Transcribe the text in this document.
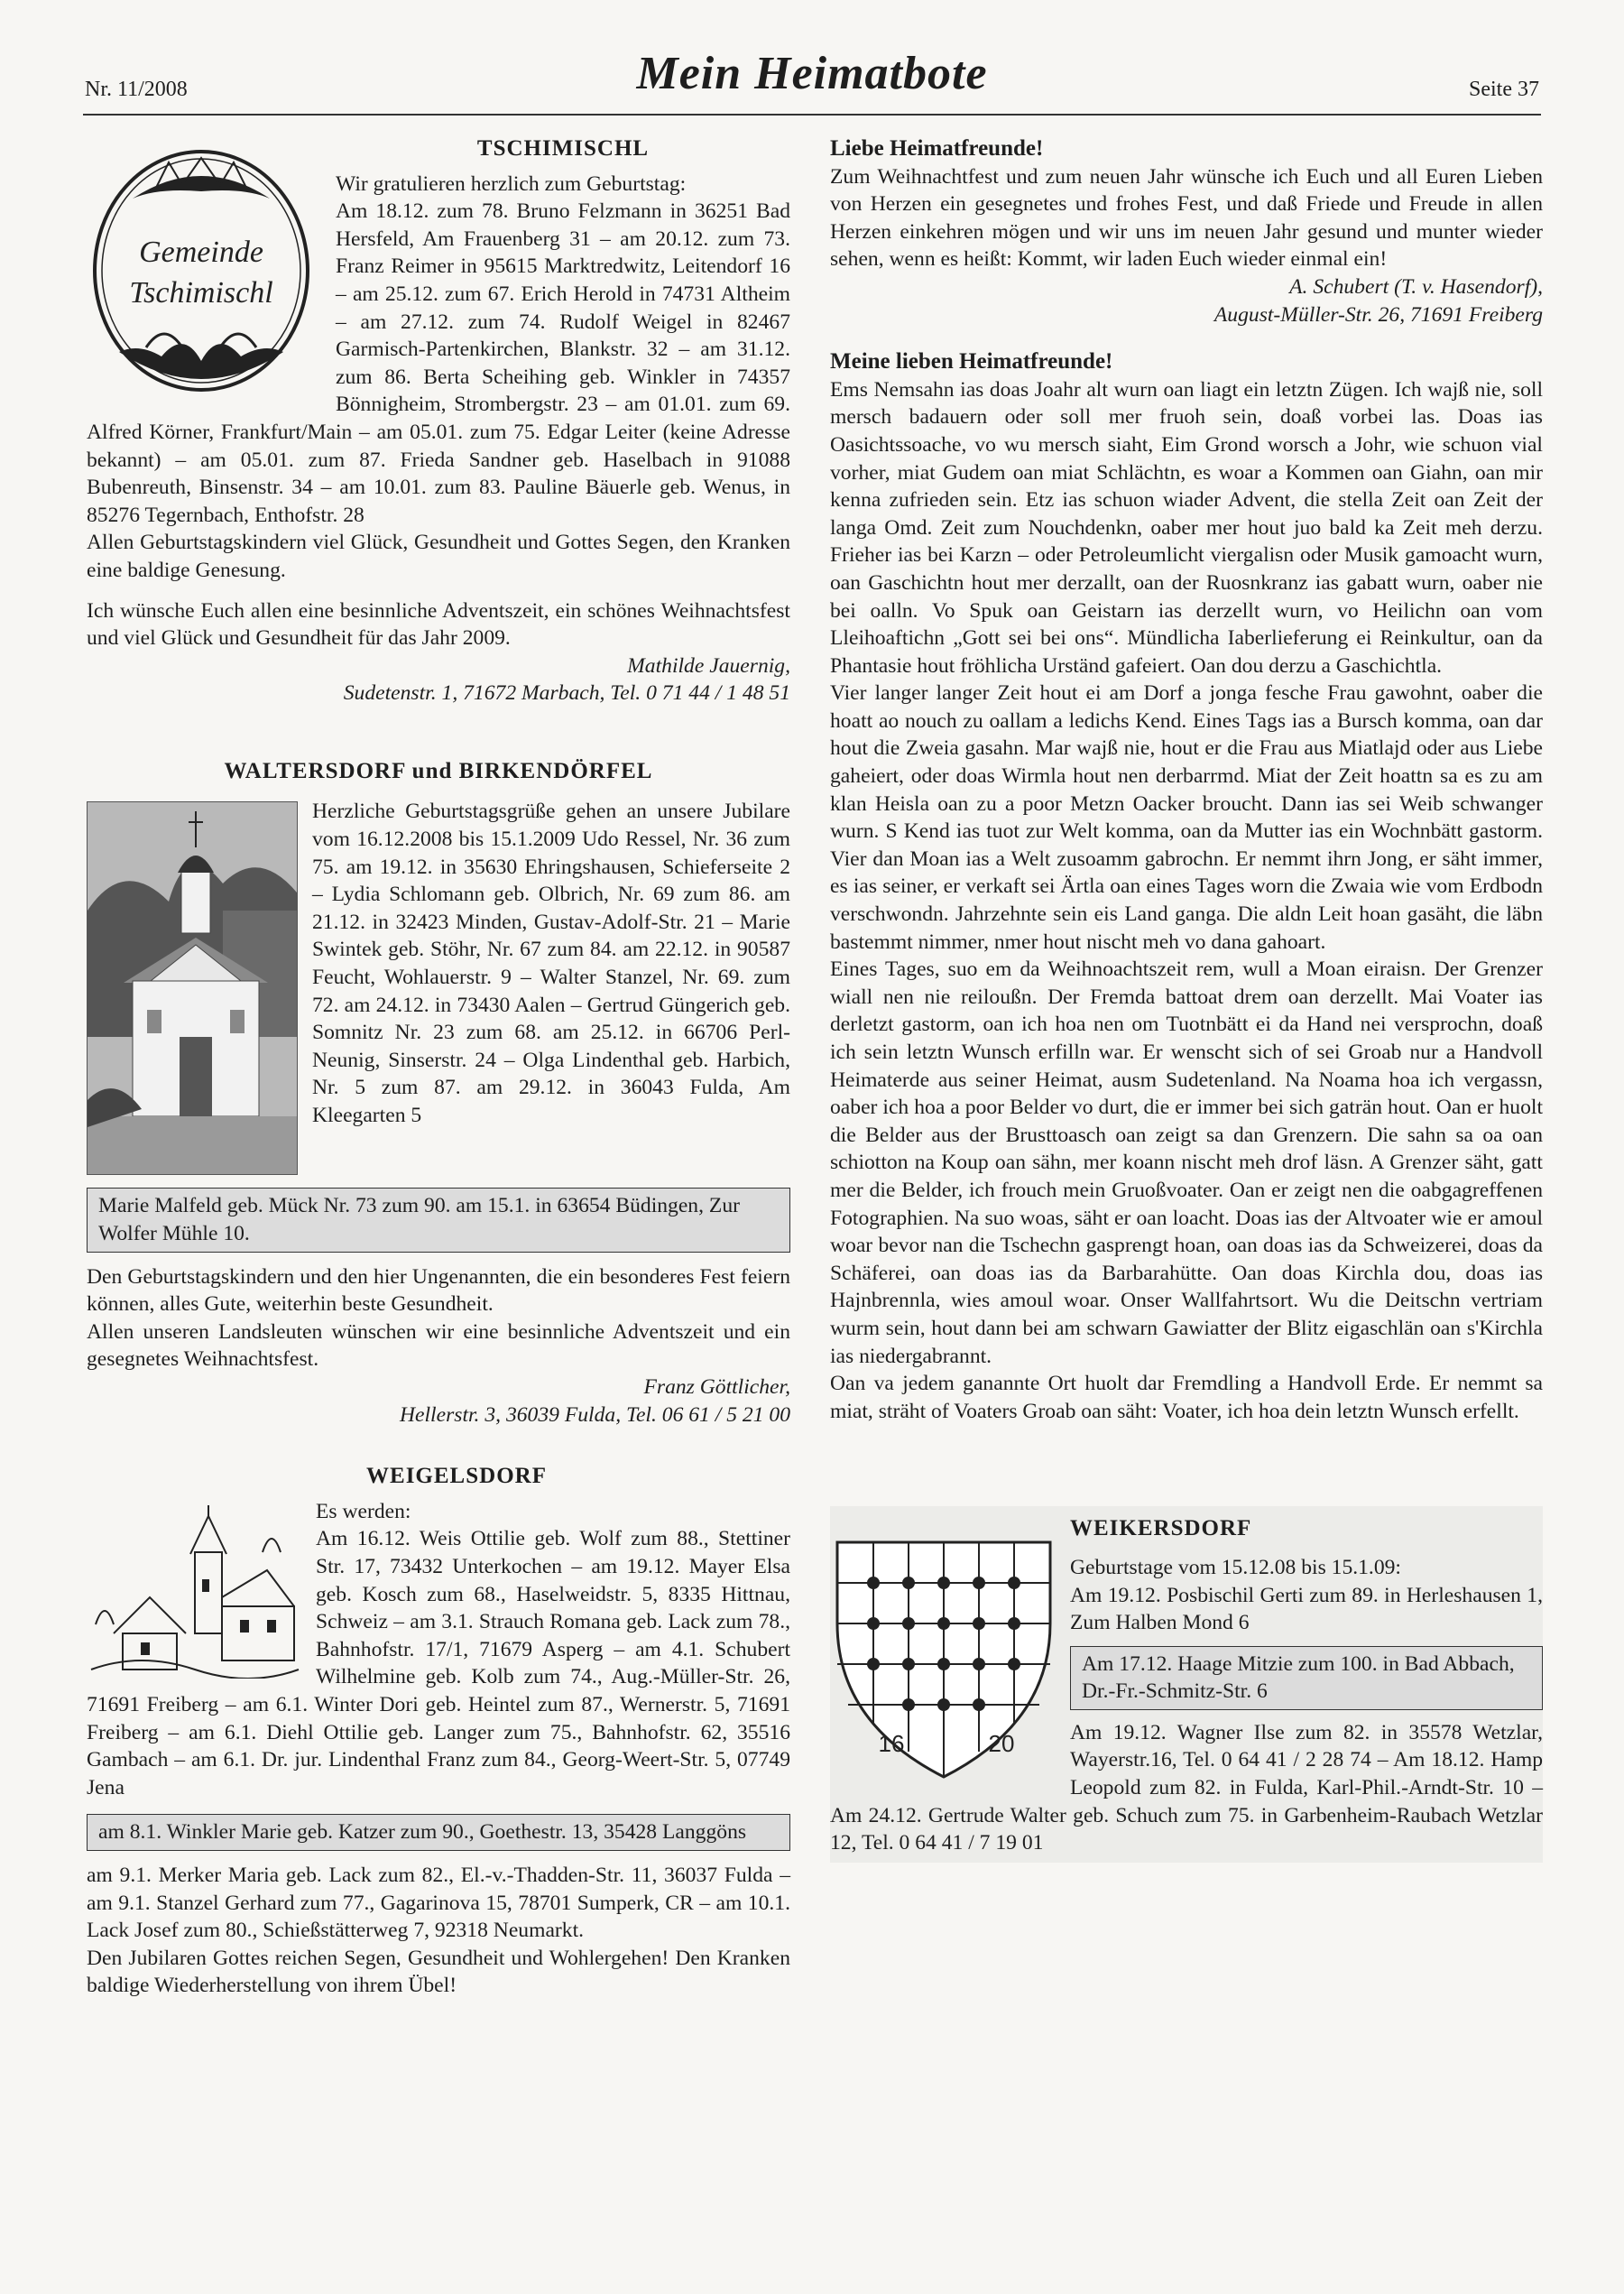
Nr. 11/2008	Mein Heimatbote	Seite 37
Gemeinde
Tschimischl

TSCHIMISCHL

Wir gratulieren herzlich zum Geburtstag:

Am 18.12. zum 78. Bruno Felzmann in 36251 Bad Hersfeld, Am Frauenberg 31 – am 20.12. zum 73. Franz Reimer in 95615 Marktredwitz, Leitendorf 16 – am 25.12. zum 67. Erich Herold in 74731 Altheim – am 27.12. zum 74. Rudolf Weigel in 82467 Garmisch-Partenkirchen, Blankstr. 32 – am 31.12. zum 86. Berta Scheihing geb. Winkler in 74357 Bönnigheim, Strombergstr. 23 – am 01.01. zum 69. Alfred Körner, Frankfurt/Main – am 05.01. zum 75. Edgar Leiter (keine Adresse bekannt) – am 05.01. zum 87. Frieda Sandner geb. Haselbach in 91088 Bubenreuth, Binsenstr. 34 – am 10.01. zum 83. Pauline Bäuerle geb. Wenus, in 85276 Tegernbach, Enthofstr. 28

Allen Geburtstagskindern viel Glück, Gesundheit und Gottes Segen, den Kranken eine baldige Genesung.

Ich wünsche Euch allen eine besinnliche Adventszeit, ein schönes Weihnachtsfest und viel Glück und Gesundheit für das Jahr 2009.

Mathilde Jauernig,

Sudetenstr. 1, 71672 Marbach, Tel. 0 71 44 / 1 48 51

WALTERSDORF und BIRKENDÖRFEL

Herzliche Geburtstagsgrüße gehen an unsere Jubilare vom 16.12.2008 bis 15.1.2009 Udo Ressel, Nr. 36 zum 75. am 19.12. in 35630 Ehringshausen, Schieferseite 2 – Lydia Schlomann geb. Olbrich, Nr. 69 zum 86. am 21.12. in 32423 Minden, Gustav-Adolf-Str. 21 – Marie Swintek geb. Stöhr, Nr. 67 zum 84. am 22.12. in 90587 Feucht, Wohlauerstr. 9 – Walter Stanzel, Nr. 69. zum 72. am 24.12. in 73430 Aalen – Gertrud Güngerich geb. Somnitz Nr. 23 zum 68. am 25.12. in 66706 Perl-Neunig, Sinserstr. 24 – Olga Lindenthal geb. Harbich, Nr. 5 zum 87. am 29.12. in 36043 Fulda, Am Kleegarten 5

Marie Malfeld geb. Mück Nr. 73 zum 90. am 15.1. in 63654 Büdingen, Zur Wolfer Mühle 10.

Den Geburtstagskindern und den hier Ungenannten, die ein besonderes Fest feiern können, alles Gute, weiterhin beste Gesundheit.

Allen unseren Landsleuten wünschen wir eine besinnliche Adventszeit und ein gesegnetes Weihnachtsfest.

Franz Göttlicher,

Hellerstr. 3, 36039 Fulda, Tel. 06 61 / 5 21 00

WEIGELSDORF

Es werden:

Am 16.12. Weis Ottilie geb. Wolf zum 88., Stettiner Str. 17, 73432 Unterkochen – am 19.12. Mayer Elsa geb. Kosch zum 68., Haselweidstr. 5, 8335 Hittnau, Schweiz – am 3.1. Strauch Romana geb. Lack zum 78., Bahnhofstr. 17/1, 71679 Asperg – am 4.1. Schubert Wilhelmine geb. Kolb zum 74., Aug.-Müller-Str. 26, 71691 Freiberg – am 6.1. Winter Dori geb. Heintel zum 87., Wernerstr. 5, 71691 Freiberg – am 6.1. Diehl Ottilie geb. Langer zum 75., Bahnhofstr. 62, 35516 Gambach – am 6.1. Dr. jur. Lindenthal Franz zum 84., Georg-Weert-Str. 5, 07749 Jena

am 8.1. Winkler Marie geb. Katzer zum 90., Goethestr. 13, 35428 Langgöns

am 9.1. Merker Maria geb. Lack zum 82., El.-v.-Thadden-Str. 11, 36037 Fulda – am 9.1. Stanzel Gerhard zum 77., Gagarinova 15, 78701 Sumperk, CR – am 10.1. Lack Josef zum 80., Schießstätterweg 7, 92318 Neumarkt.

Den Jubilaren Gottes reichen Segen, Gesundheit und Wohlergehen! Den Kranken baldige Wiederherstellung von ihrem Übel!

Liebe Heimatfreunde!

Zum Weihnachtfest und zum neuen Jahr wünsche ich Euch und all Euren Lieben von Herzen ein gesegnetes und frohes Fest, und daß Friede und Freude in allen Herzen einkehren mögen und wir uns im neuen Jahr gesund und munter wieder sehen, wenn es heißt: Kommt, wir laden Euch wieder einmal ein!

A. Schubert (T. v. Hasendorf),

August-Müller-Str. 26, 71691 Freiberg

Meine lieben Heimatfreunde!

Ems Nemsahn ias doas Joahr alt wurn oan liagt ein letztn Zügen. Ich wajß nie, soll mersch badauern oder soll mer fruoh sein, doaß vorbei las. Doas ias Oasichtssoache, vo wu mersch siaht, Eim Grond worsch a Johr, wie schuon vial vorher, miat Gudem oan miat Schlächtn, es woar a Kommen oan Giahn, oan mir kenna zufrieden sein. Etz ias schuon wiader Advent, die stella Zeit oan Zeit der langa Omd. Zeit zum Nouchdenkn, oaber mer hout juo bald ka Zeit meh derzu. Frieher ias bei Karzn – oder Petroleumlicht viergalisn oder Musik gamoacht wurn, oan Gaschichtn hout mer derzallt, oan der Ruosnkranz ias gabatt wurn, oaber nie bei oalln. Vo Spuk oan Geistarn ias derzellt wurn, vo Heilichn oan vom Lleihoaftichn „Gott sei bei ons“. Mündlicha Iaberlieferung ei Reinkultur, oan da Phantasie hout fröhlicha Urständ gafeiert. Oan dou derzu a Gaschichtla.

Vier langer langer Zeit hout ei am Dorf a jonga fesche Frau gawohnt, oaber die hoatt ao nouch zu oallam a ledichs Kend. Eines Tags ias a Bursch komma, oan dar hout die Zweia gasahn. Mar wajß nie, hout er die Frau aus Miatlajd oder aus Liebe gaheiert, oder doas Wirmla hout nen derbarrmd. Miat der Zeit hoattn sa es zu am klan Heisla oan zu a poor Metzn Oacker broucht. Dann ias sei Weib schwanger wurn. S Kend ias tuot zur Welt komma, oan da Mutter ias ein Wochnbätt gastorm. Vier dan Moan ias a Welt zusoamm gabrochn. Er nemmt ihrn Jong, er säht immer, es ias seiner, er verkaft sei Ärtla oan eines Tages worn die Zwaia wie vom Erdbodn verschwondn. Jahrzehnte sein eis Land ganga. Die aldn Leit hoan gasäht, die läbn bastemmt nimmer, nmer hout nischt meh vo dana gahoart.

Eines Tages, suo em da Weihnoachtszeit rem, wull a Moan eiraisn. Der Grenzer wiall nen nie reiloußn. Der Fremda battoat drem oan derzellt. Mai Voater ias derletzt gastorm, oan ich hoa nen om Tuotnbätt ei da Hand nei versprochn, doaß ich sein letztn Wunsch erfilln war. Er wenscht sich of sei Groab nur a Handvoll Heimaterde aus seiner Heimat, ausm Sudetenland. Na Noama hoa ich vergassn, oaber ich hoa a poor Belder vo durt, die er immer bei sich gaträn hout. Oan er huolt die Belder aus der Brusttoasch oan zeigt sa dan Grenzern. Die sahn sa oa oan schiotton na Koup oan sähn, mer koann nischt meh drof läsn. A Grenzer säht, gatt mer die Belder, ich frouch mein Gruoßvoater. Oan er zeigt nen die oabgagreffenen Fotographien. Na suo woas, säht er oan loacht. Doas ias der Altvoater wie er amoul woar bevor nan die Tschechn gasprengt hoan, oan doas ias da Schweizerei, doas da Schäferei, oan doas ias da Barbarahütte. Oan doas Kirchla dou, doas ias Hajnbrennla, wies amoul woar. Onser Wallfahrtsort. Wu die Deitschn vertriam wurm sein, hout dann bei am schwarn Gawiatter der Blitz eigaschlän oan s'Kirchla ias niedergabrannt.

Oan va jedem ganannte Ort huolt dar Fremdling a Handvoll Erde. Er nemmt sa miat, sträht of Voaters Groab oan säht: Voater, ich hoa dein letztn Wunsch erfellt.

16	20

WEIKERSDORF

Geburtstage vom 15.12.08 bis 15.1.09:

Am 19.12. Posbischil Gerti zum 89. in Herleshausen 1, Zum Halben Mond 6

Am 17.12. Haage Mitzie zum 100. in Bad Abbach, Dr.-Fr.-Schmitz-Str. 6

Am 19.12. Wagner Ilse zum 82. in 35578 Wetzlar, Wayerstr.16, Tel. 0 64 41 / 2 28 74 – Am 18.12. Hamp Leopold zum 82. in Fulda, Karl-Phil.-Arndt-Str. 10 – Am 24.12. Gertrude Walter geb. Schuch zum 75. in Garbenheim-Raubach Wetzlar 12, Tel. 0 64 41 / 7 19 01
